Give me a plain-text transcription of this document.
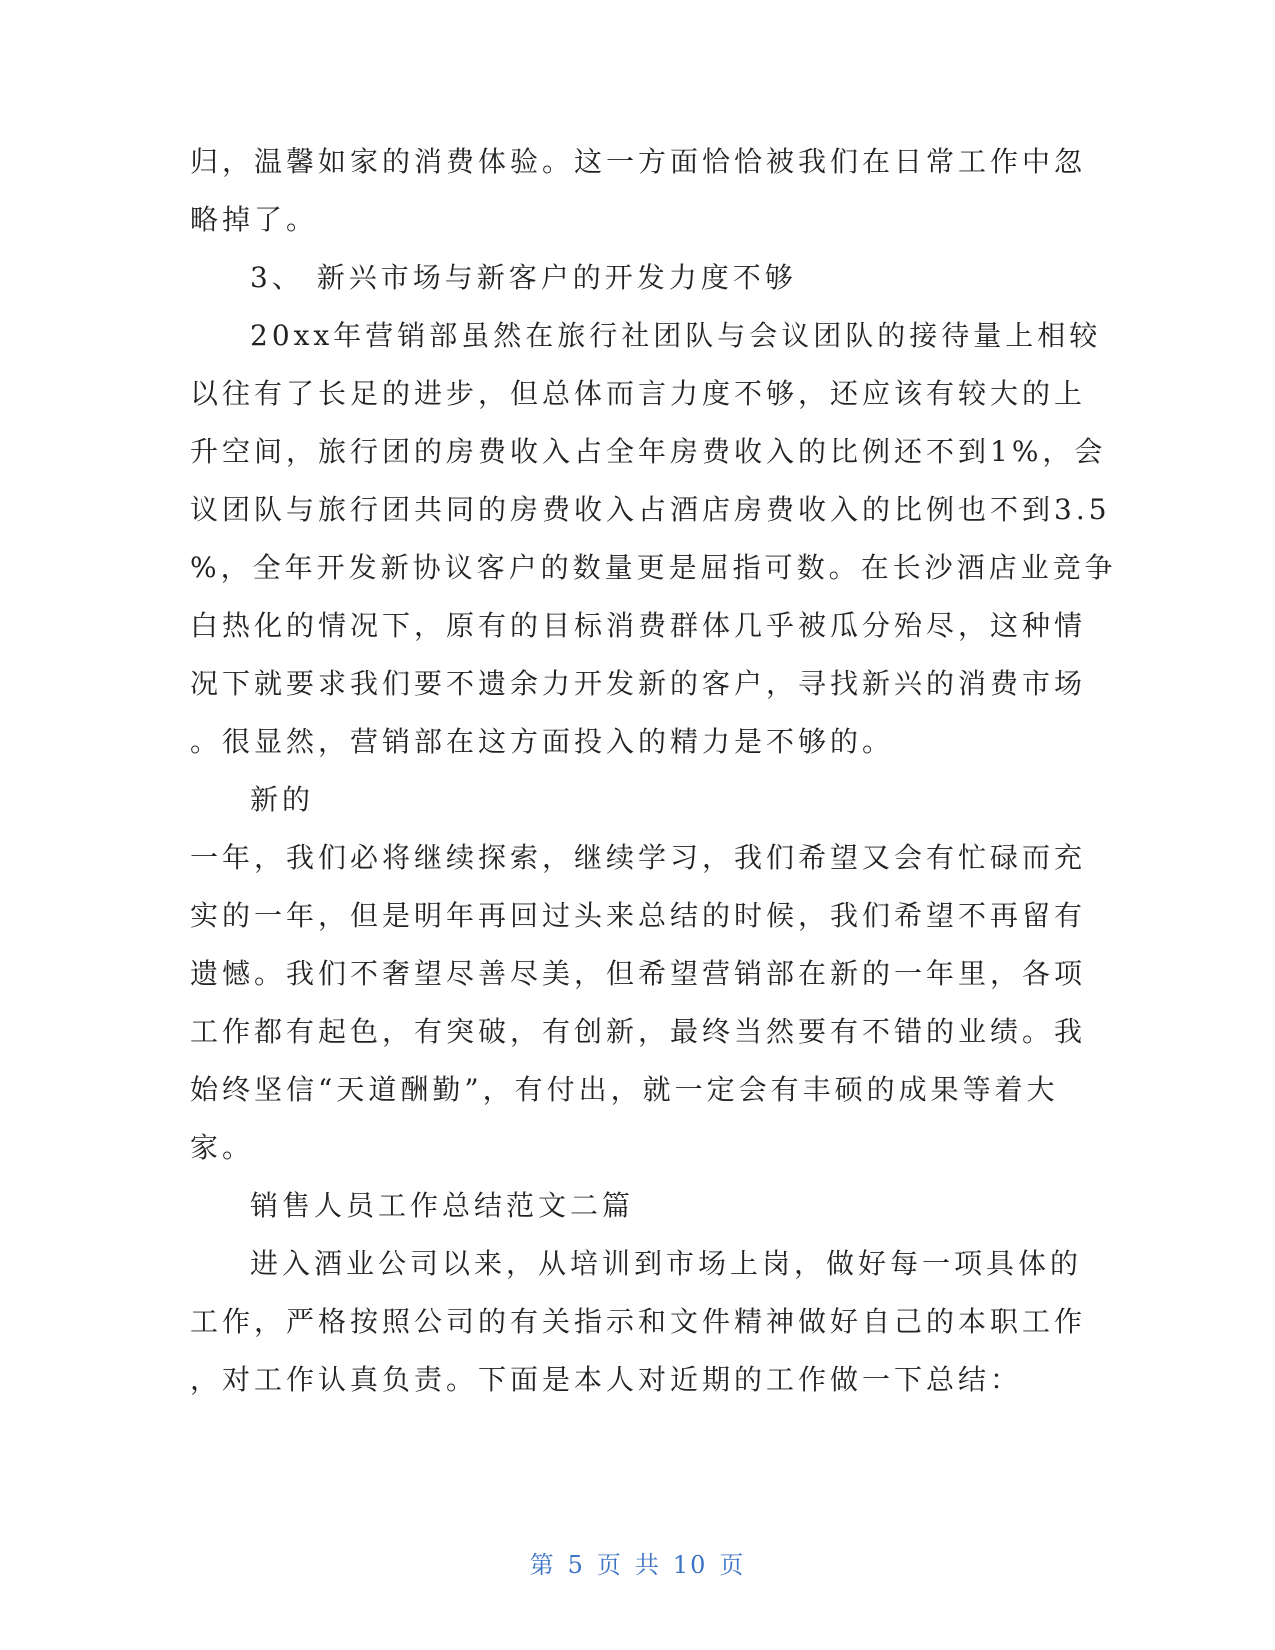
归，温馨如家的消费体验。这一方面恰恰被我们在日常工作中忽
略掉了。
3、 新兴市场与新客户的开发力度不够
20xx年营销部虽然在旅行社团队与会议团队的接待量上相较
以往有了长足的进步，但总体而言力度不够，还应该有较大的上
升空间，旅行团的房费收入占全年房费收入的比例还不到1%，会
议团队与旅行团共同的房费收入占酒店房费收入的比例也不到3.5
%，全年开发新协议客户的数量更是屈指可数。在长沙酒店业竞争
白热化的情况下，原有的目标消费群体几乎被瓜分殆尽，这种情
况下就要求我们要不遗余力开发新的客户，寻找新兴的消费市场
。很显然，营销部在这方面投入的精力是不够的。
新的
一年，我们必将继续探索，继续学习，我们希望又会有忙碌而充
实的一年，但是明年再回过头来总结的时候，我们希望不再留有
遗憾。我们不奢望尽善尽美，但希望营销部在新的一年里，各项
工作都有起色，有突破，有创新，最终当然要有不错的业绩。我
始终坚信“天道酬勤”，有付出，就一定会有丰硕的成果等着大
家。
销售人员工作总结范文二篇
进入酒业公司以来，从培训到市场上岗，做好每一项具体的
工作，严格按照公司的有关指示和文件精神做好自己的本职工作
，对工作认真负责。下面是本人对近期的工作做一下总结：
第 5 页 共 10 页
